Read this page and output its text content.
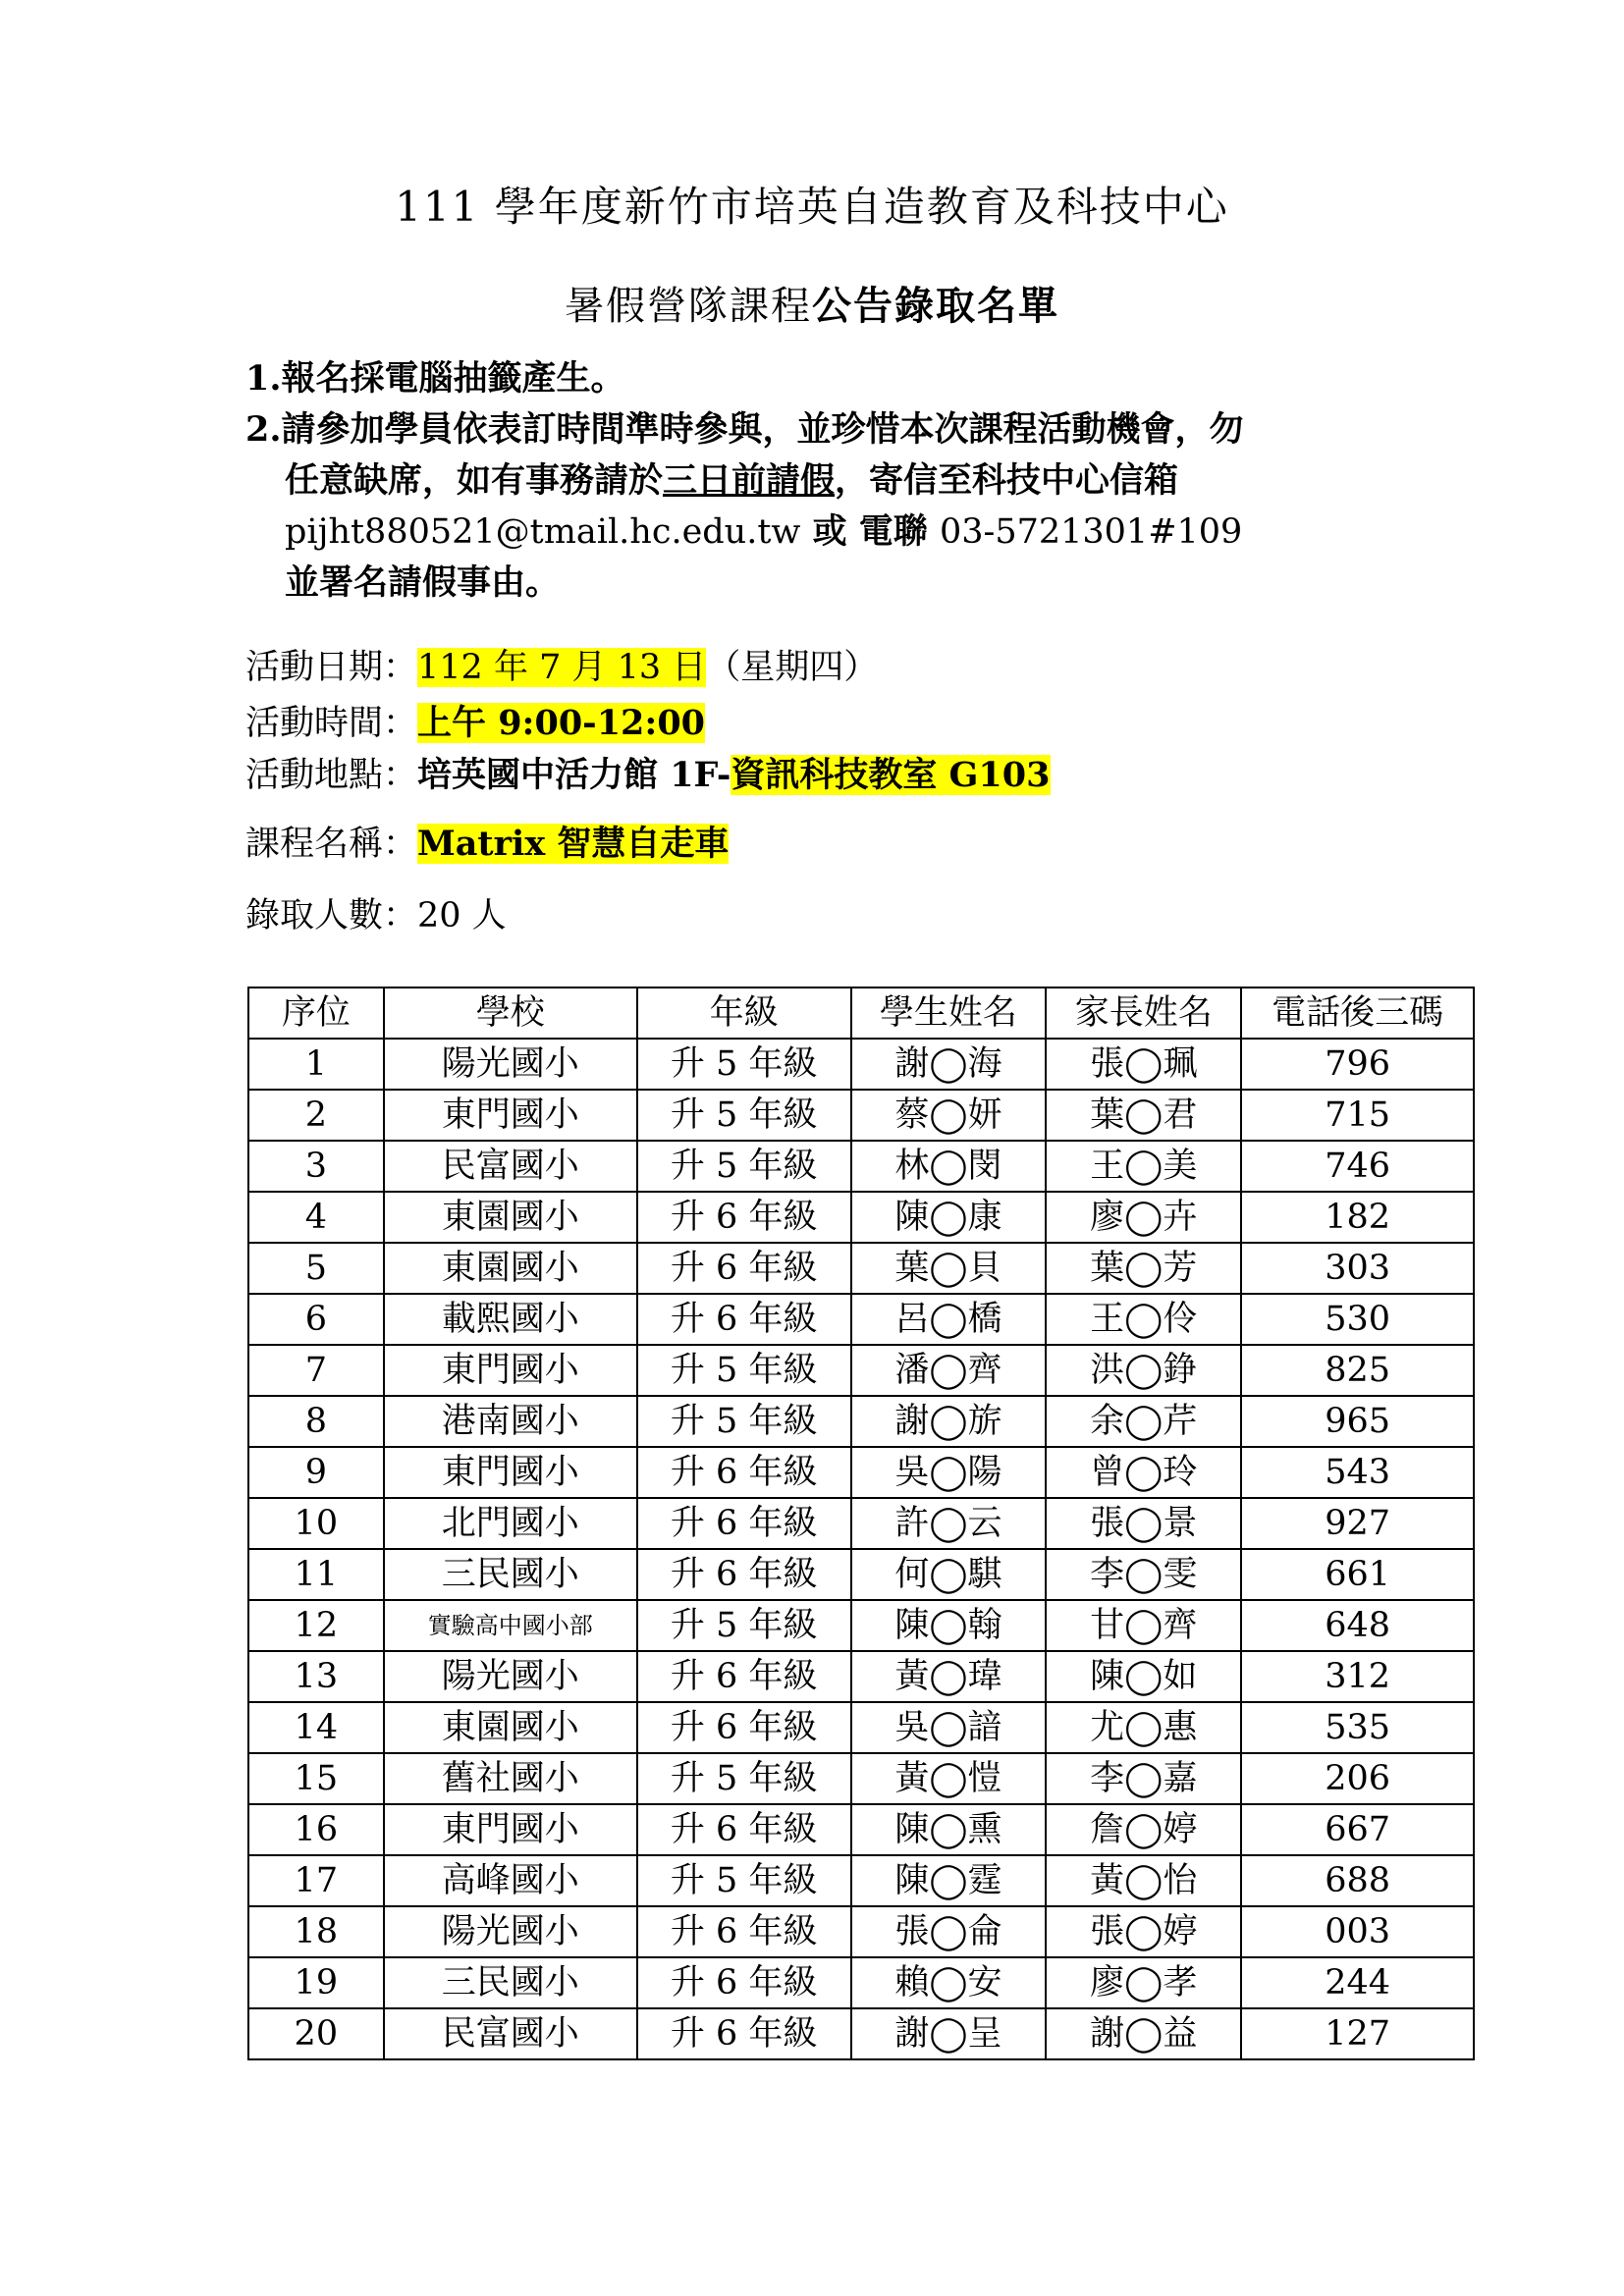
111 學年度新竹市培英自造教育及科技中心
暑假營隊課程公告錄取名單
1.報名採電腦抽籤產生。
2.請參加學員依表訂時間準時參與，並珍惜本次課程活動機會，勿
任意缺席，如有事務請於三日前請假，寄信至科技中心信箱
pijht880521@tmail.hc.edu.tw 或 電聯 03-5721301#109
並署名請假事由。
活動日期：112 年 7 月 13 日（星期四）
活動時間：上午 9:00-12:00
活動地點：培英國中活力館 1F-資訊科技教室 G103
課程名稱：Matrix 智慧自走車
錄取人數：20 人
序位	學校	年級	學生姓名	家長姓名	電話後三碼
1	陽光國小	升 5 年級	謝◯海	張◯珮	796
2	東門國小	升 5 年級	蔡◯妍	葉◯君	715
3	民富國小	升 5 年級	林◯閔	王◯美	746
4	東園國小	升 6 年級	陳◯康	廖◯卉	182
5	東園國小	升 6 年級	葉◯貝	葉◯芳	303
6	載熙國小	升 6 年級	呂◯橋	王◯伶	530
7	東門國小	升 5 年級	潘◯齊	洪◯錚	825
8	港南國小	升 5 年級	謝◯旂	余◯芹	965
9	東門國小	升 6 年級	吳◯陽	曾◯玲	543
10	北門國小	升 6 年級	許◯云	張◯景	927
11	三民國小	升 6 年級	何◯騏	李◯雯	661
12	實驗高中國小部	升 5 年級	陳◯翰	甘◯齊	648
13	陽光國小	升 6 年級	黃◯瑋	陳◯如	312
14	東園國小	升 6 年級	吳◯諳	尤◯惠	535
15	舊社國小	升 5 年級	黃◯愷	李◯嘉	206
16	東門國小	升 6 年級	陳◯熏	詹◯婷	667
17	高峰國小	升 5 年級	陳◯霆	黃◯怡	688
18	陽光國小	升 6 年級	張◯侖	張◯婷	003
19	三民國小	升 6 年級	賴◯安	廖◯孝	244
20	民富國小	升 6 年級	謝◯呈	謝◯益	127
